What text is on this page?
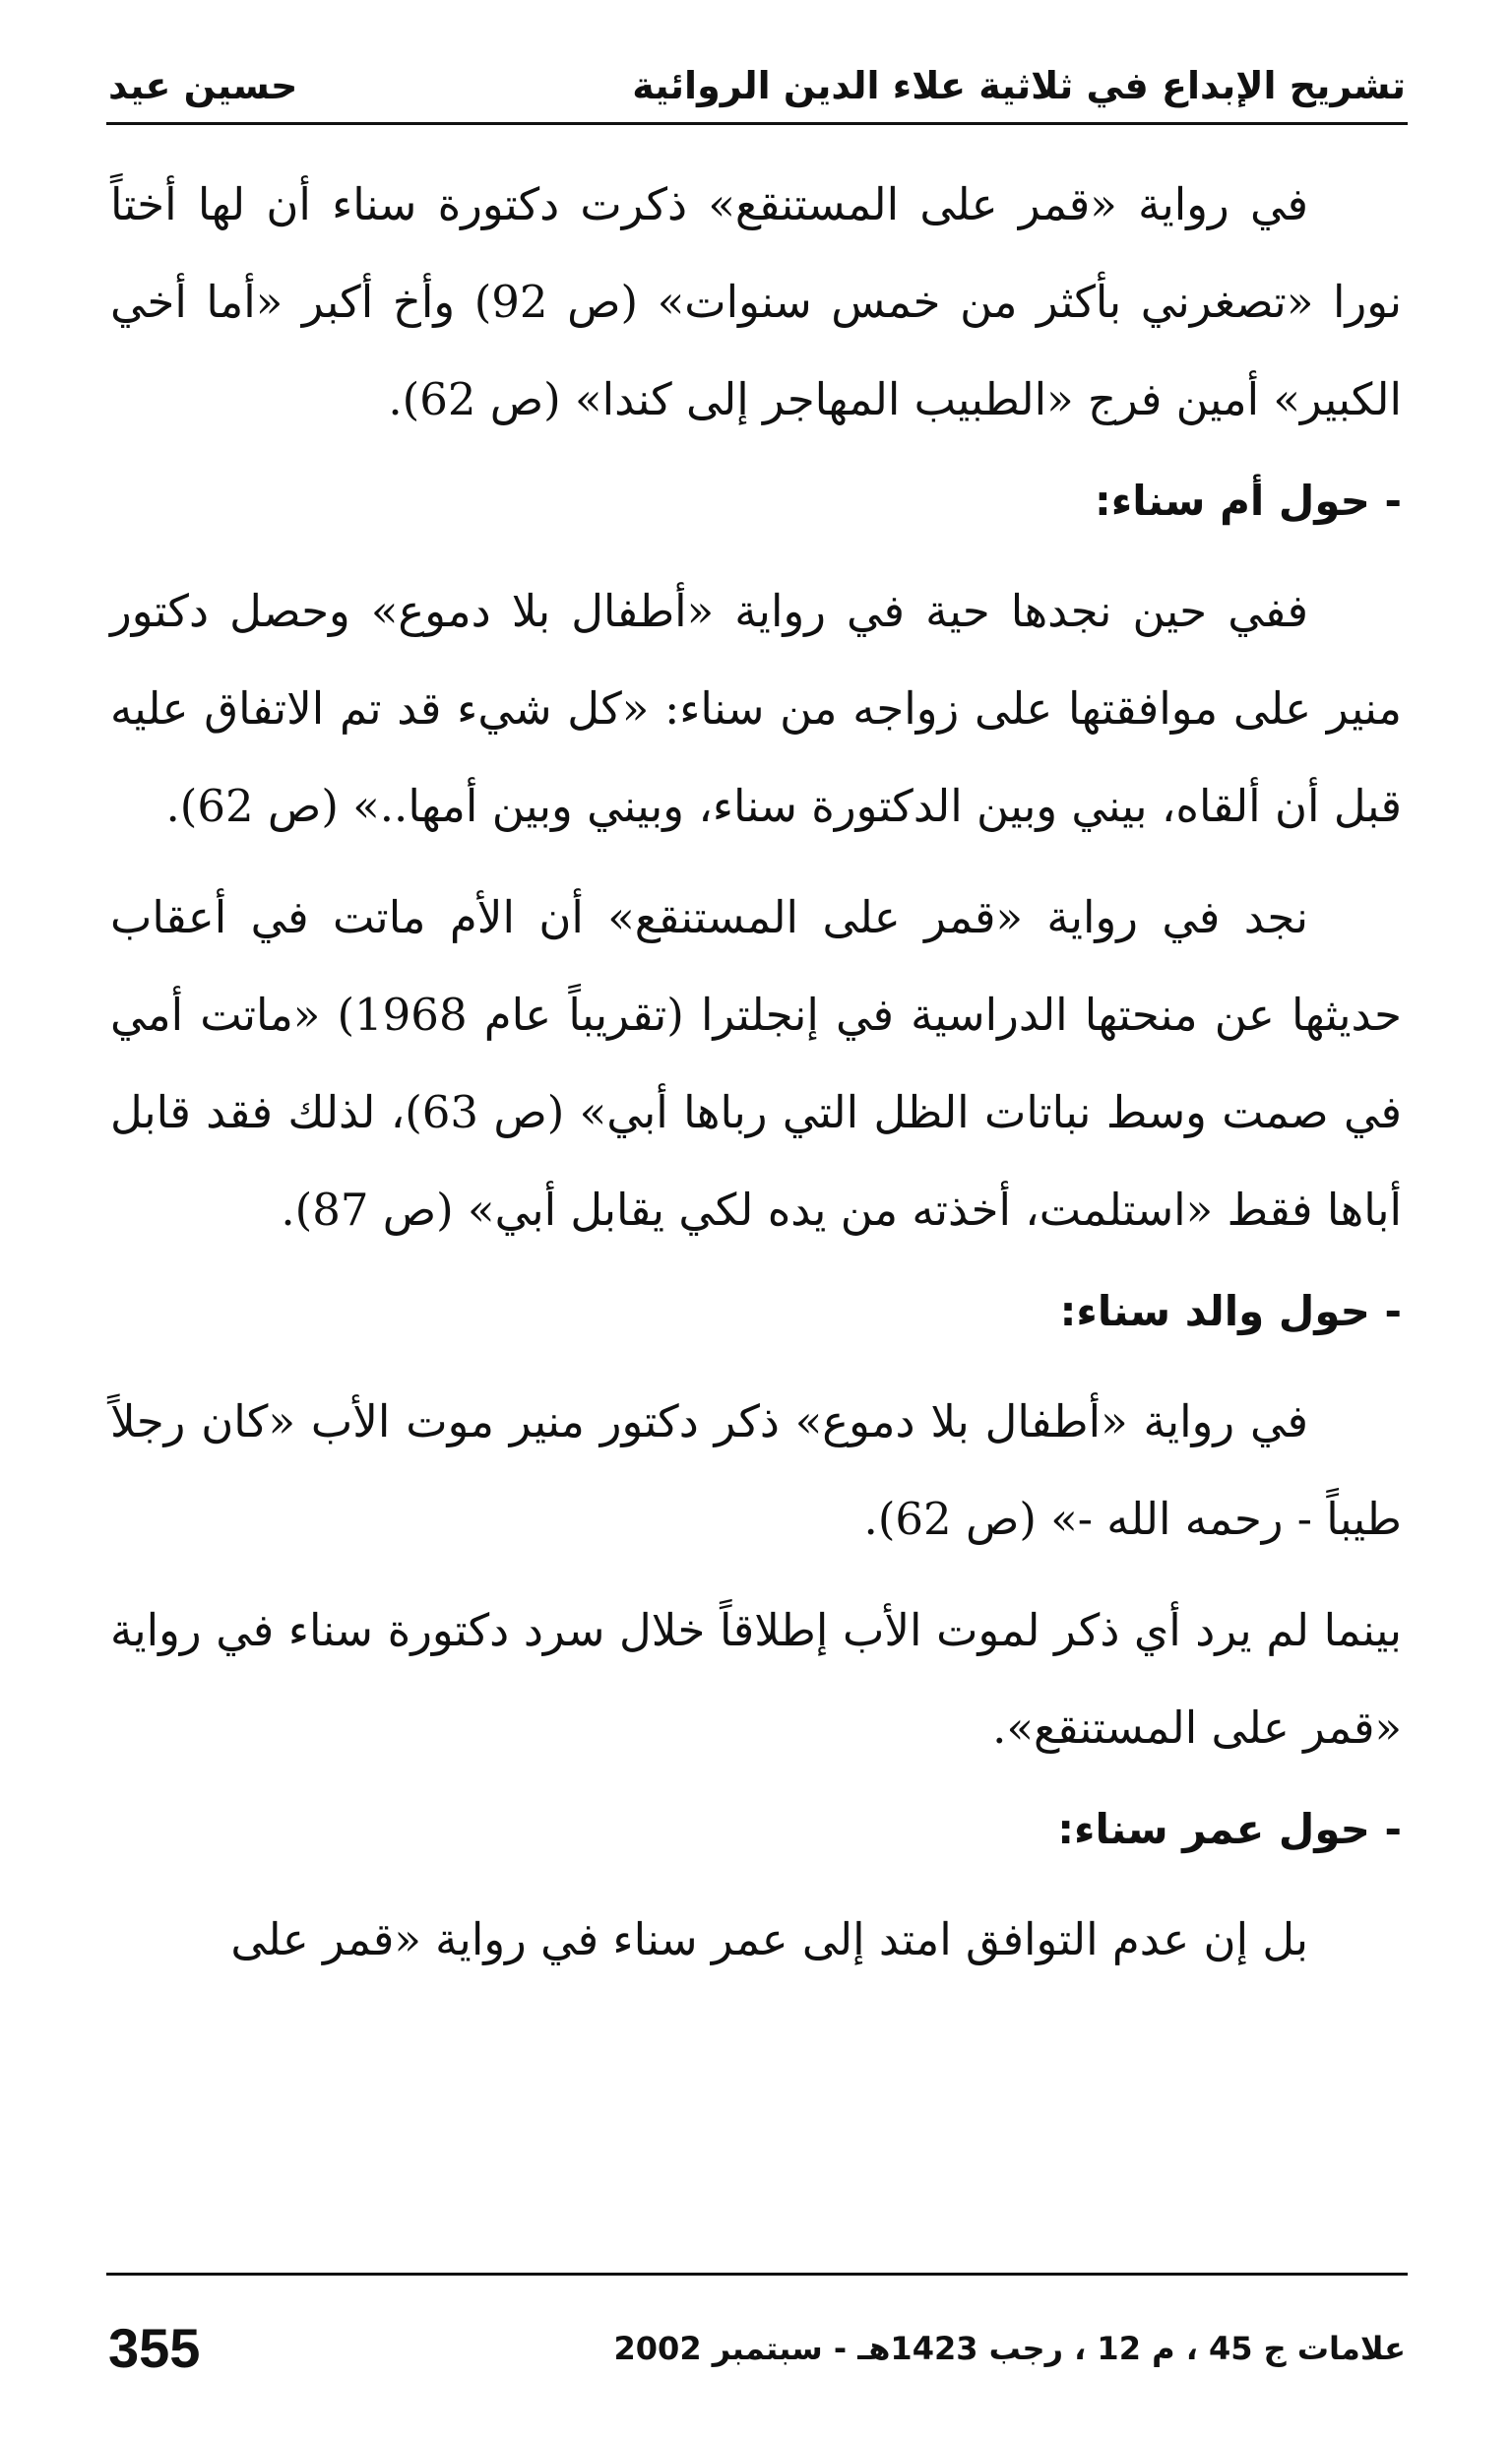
تشريح الإبداع في ثلاثية علاء الدين الروائية
حسين عيد

في رواية «قمر على المستنقع» ذكرت دكتورة سناء أن لها أختاً نورا «تصغرني بأكثر من خمس سنوات» (ص 92) وأخ أكبر «أما أخي الكبير» أمين فرج «الطبيب المهاجر إلى كندا» (ص 62).

- حول أم سناء:

ففي حين نجدها حية في رواية «أطفال بلا دموع» وحصل دكتور منير على موافقتها على زواجه من سناء: «كل شيء قد تم الاتفاق عليه قبل أن ألقاه، بيني وبين الدكتورة سناء، وبيني وبين أمها..» (ص 62).

نجد في رواية «قمر على المستنقع» أن الأم ماتت في أعقاب حديثها عن منحتها الدراسية في إنجلترا (تقريباً عام 1968) «ماتت أمي في صمت وسط نباتات الظل التي رباها أبي» (ص 63)، لذلك فقد قابل أباها فقط «استلمت، أخذته من يده لكي يقابل أبي» (ص 87).

- حول والد سناء:

في رواية «أطفال بلا دموع» ذكر دكتور منير موت الأب «كان رجلاً طيباً - رحمه الله -» (ص 62).

بينما لم يرد أي ذكر لموت الأب إطلاقاً خلال سرد دكتورة سناء في رواية «قمر على المستنقع».

- حول عمر سناء:

بل إن عدم التوافق امتد إلى عمر سناء في رواية «قمر على

355	علامات ج 45 ، م 12 ، رجب 1423هـ - سبتمبر 2002
